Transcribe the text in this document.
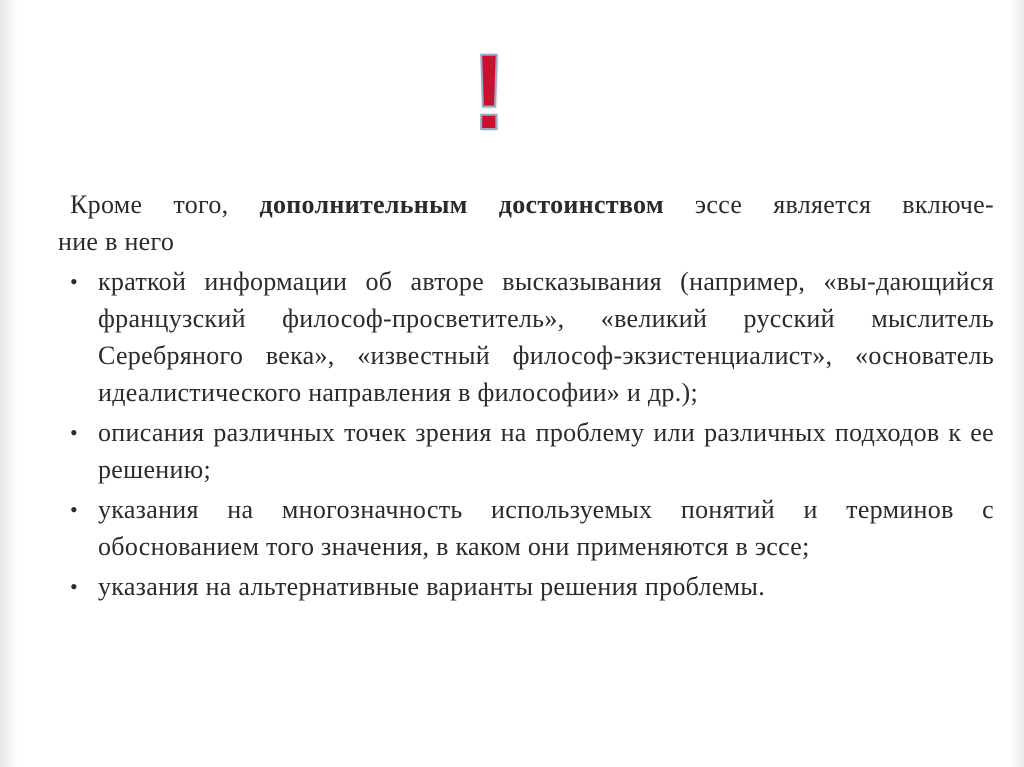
!

Кроме того, дополнительным достоинством эссе является включе-
ние в него

• краткой информации об авторе высказывания (например, «вы-дающийся французский философ-просветитель», «великий русский мыслитель Серебряного века», «известный философ-экзистенциалист», «основатель идеалистического направления в философии» и др.);
• описания различных точек зрения на проблему или различных подходов к ее решению;
• указания на многозначность используемых понятий и терминов с обоснованием того значения, в каком они применяются в эссе;
• указания на альтернативные варианты решения проблемы.
